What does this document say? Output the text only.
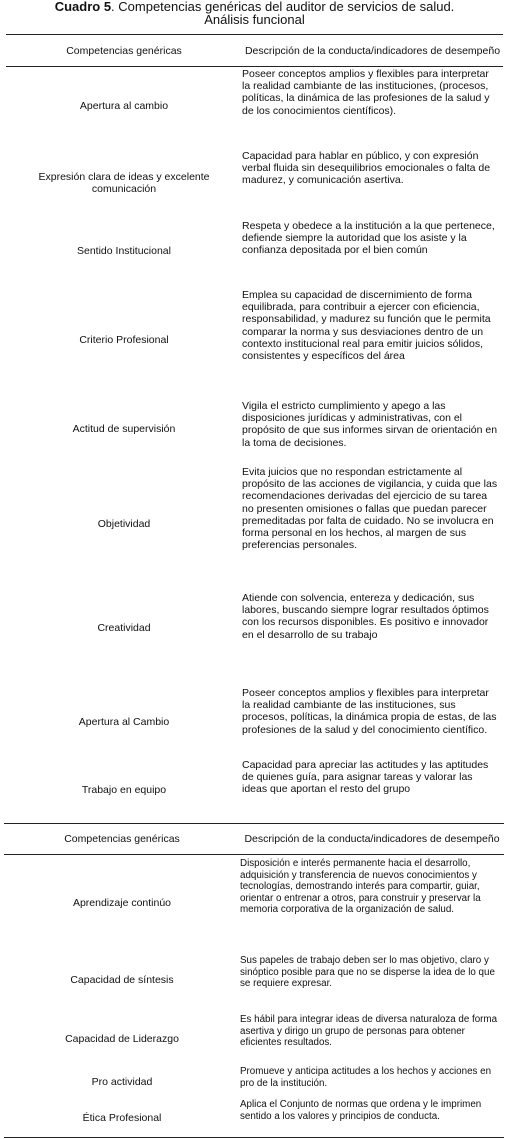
Cuadro 5. Competencias genéricas del auditor de servicios de salud.
Análisis funcional
Competencias genéricas	Descripción de la conducta/indicadores de desempeño
Apertura al cambio
Poseer conceptos amplios y flexibles para interpretar la realidad cambiante de las instituciones, (procesos, políticas, la dinámica de las profesiones de la salud y de los conocimientos científicos).
Expresión clara de ideas y excelente comunicación
Capacidad para hablar en público, y con expresión verbal fluida sin desequilibrios emocionales o falta de madurez, y comunicación asertiva.
Sentido Institucional
Respeta y obedece a la institución a la que pertenece, defiende siempre la autoridad que los asiste y la confianza depositada por el bien común
Criterio Profesional
Emplea su capacidad de discernimiento de forma equilibrada, para contribuir a ejercer con eficiencia, responsabilidad, y madurez su función que le permita comparar la norma y sus desviaciones dentro de un contexto institucional real para emitir juicios sólidos, consistentes y específicos del área
Actitud de supervisión
Vigila el estricto cumplimiento y apego a las disposiciones jurídicas y administrativas, con el propósito de que sus informes sirvan de orientación en la toma de decisiones.
Objetividad
Evita juicios que no respondan estrictamente al propósito de las acciones de vigilancia, y cuida que las recomendaciones derivadas del ejercicio de su tarea no presenten omisiones o fallas que puedan parecer premeditadas por falta de cuidado. No se involucra en forma personal en los hechos, al margen de sus preferencias personales.
Creatividad
Atiende con solvencia, entereza y dedicación, sus labores, buscando siempre lograr resultados óptimos con los recursos disponibles. Es positivo e innovador en el desarrollo de su trabajo
Apertura al Cambio
Poseer conceptos amplios y flexibles para interpretar la realidad cambiante de las instituciones, sus procesos, políticas, la dinámica propia de estas, de las profesiones de la salud y del conocimiento científico.
Trabajo en equipo
Capacidad para apreciar las actitudes y las aptitudes de quienes guía, para asignar tareas y valorar las ideas que aportan el resto del grupo
Competencias genéricas	Descripción de la conducta/indicadores de desempeño
Aprendizaje continúo
Disposición e interés permanente hacia el desarrollo, adquisición y transferencia de nuevos conocimientos y tecnologías, demostrando interés para compartir, guiar, orientar o entrenar a otros, para construir y preservar la memoria corporativa de la organización de salud.
Capacidad de síntesis
Sus papeles de trabajo deben ser lo mas objetivo, claro y sinóptico posible para que no se disperse la idea de lo que se requiere expresar.
Capacidad de Liderazgo
Es hábil para integrar ideas de diversa naturaloza de forma asertiva y dirigo un grupo de personas para obtener eficientes resultados.
Pro actividad
Promueve y anticipa actitudes a los hechos y acciones en pro de la institución.
Ética Profesional
Aplica el Conjunto de normas que ordena y le imprimen sentido a los valores y principios de conducta.
